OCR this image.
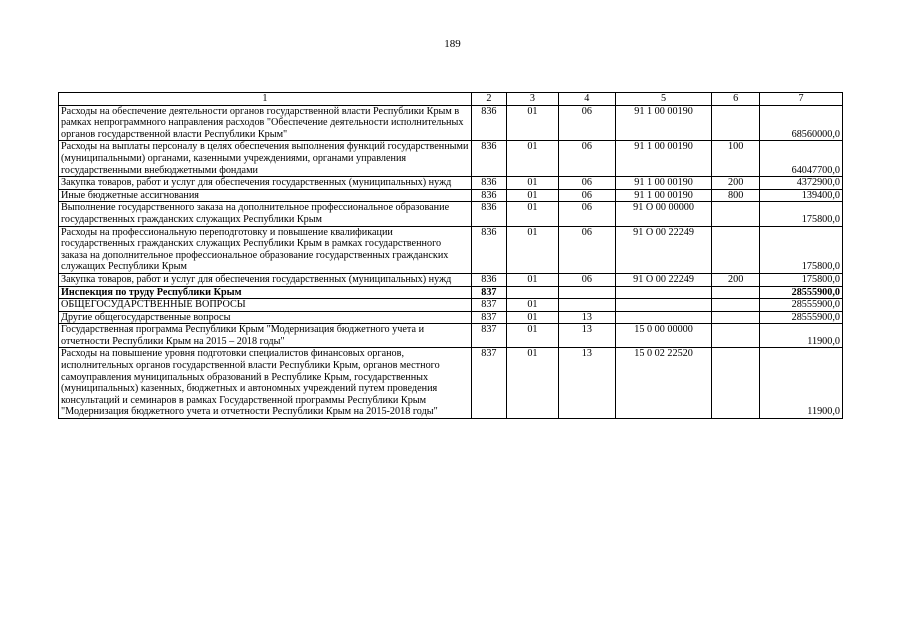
189
1	2	3	4	5	6	7
Расходы на обеспечение деятельности органов государственной власти Республики Крым в рамках непрограммного направления расходов "Обеспечение деятельности исполнительных органов государственной власти Республики Крым"	836	01	06	91 1 00 00190		68560000,0
Расходы на выплаты персоналу в целях обеспечения выполнения функций государственными (муниципальными) органами, казенными учреждениями, органами управления государственными внебюджетными фондами	836	01	06	91 1 00 00190	100	64047700,0
Закупка товаров, работ и услуг для обеспечения государственных (муниципальных) нужд	836	01	06	91 1 00 00190	200	4372900,0
Иные бюджетные ассигнования	836	01	06	91 1 00 00190	800	139400,0
Выполнение государственного заказа на дополнительное профессиональное образование государственных гражданских служащих Республики Крым	836	01	06	91 О 00 00000		175800,0
Расходы на профессиональную переподготовку и повышение квалификации государственных гражданских служащих Республики Крым в рамках государственного заказа на дополнительное профессиональное образование государственных гражданских служащих Республики Крым	836	01	06	91 О 00 22249		175800,0
Закупка товаров, работ и услуг для обеспечения государственных (муниципальных) нужд	836	01	06	91 О 00 22249	200	175800,0
Инспекция по труду Республики Крым	837					28555900,0
ОБЩЕГОСУДАРСТВЕННЫЕ ВОПРОСЫ	837	01				28555900,0
Другие общегосударственные вопросы	837	01	13			28555900,0
Государственная программа Республики Крым "Модернизация бюджетного учета и отчетности Республики Крым на 2015 – 2018 годы"	837	01	13	15 0 00 00000		11900,0
Расходы на повышение уровня подготовки специалистов финансовых органов, исполнительных органов государственной власти Республики Крым, органов местного самоуправления муниципальных образований в Республике Крым, государственных (муниципальных) казенных, бюджетных и автономных учреждений путем проведения консультаций и семинаров в рамках Государственной программы Республики Крым "Модернизация бюджетного учета и отчетности Республики Крым на 2015-2018 годы"	837	01	13	15 0 02 22520		11900,0
